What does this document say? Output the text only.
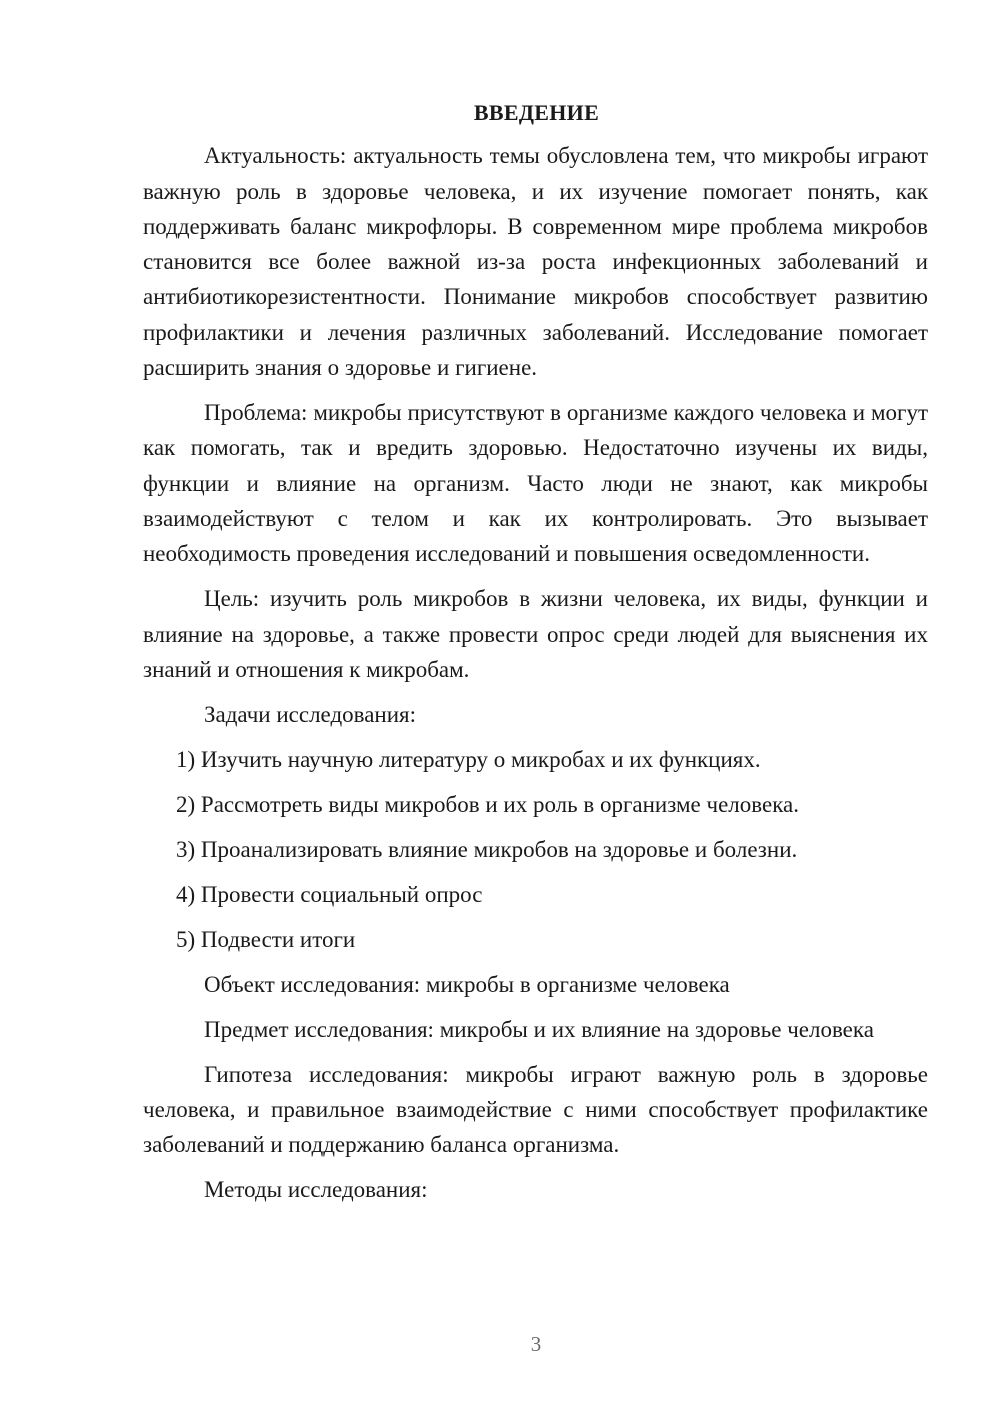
ВВЕДЕНИЕ

Актуальность: актуальность темы обусловлена тем, что микробы играют важную роль в здоровье человека, и их изучение помогает понять, как поддерживать баланс микрофлоры. В современном мире проблема микробов становится все более важной из-за роста инфекционных заболеваний и антибиотикорезистентности. Понимание микробов способствует развитию профилактики и лечения различных заболеваний. Исследование помогает расширить знания о здоровье и гигиене.

Проблема: микробы присутствуют в организме каждого человека и могут как помогать, так и вредить здоровью. Недостаточно изучены их виды, функции и влияние на организм. Часто люди не знают, как микробы взаимодействуют с телом и как их контролировать. Это вызывает необходимость проведения исследований и повышения осведомленности.

Цель: изучить роль микробов в жизни человека, их виды, функции и влияние на здоровье, а также провести опрос среди людей для выяснения их знаний и отношения к микробам.

Задачи исследования:

1) Изучить научную литературу о микробах и их функциях.

2) Рассмотреть виды микробов и их роль в организме человека.

3) Проанализировать влияние микробов на здоровье и болезни.

4) Провести социальный опрос

5) Подвести итоги

Объект исследования: микробы в организме человека

Предмет исследования: микробы и их влияние на здоровье человека

Гипотеза исследования: микробы играют важную роль в здоровье человека, и правильное взаимодействие с ними способствует профилактике заболеваний и поддержанию баланса организма.

Методы исследования:

3
